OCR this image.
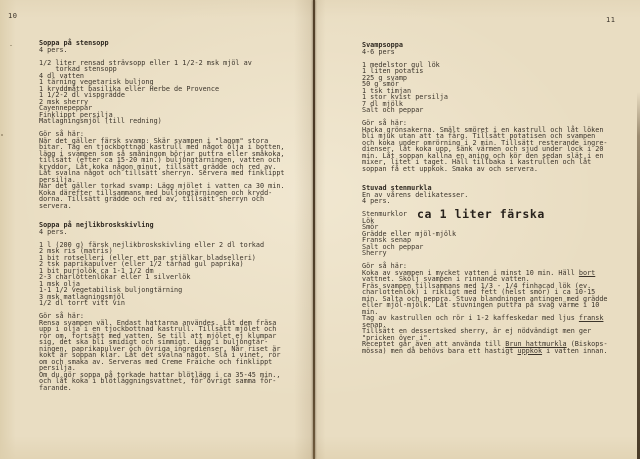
10	11
Soppa på stensopp
4 pers.

1/2 liter rensad strävsopp eller 1 1/2-2 msk mjöl av
torkad stensopp
4 dl vatten
1 tärning vegetarisk buljong
1 kryddmått basilika eller Herbe de Provence
1 1/2-2 dl vispgrädde
2 msk sherry
Cayennepeppar
Finklippt persilja
Matlagningsmjöl (till redning)

Gör så här:
När det gäller färsk svamp: Skär svampen i "lagom" stora
bitar. Tag en tjockbottnad kastrull med något olja i botten,
lägg i svampen som så småningom börjar puttra eller småkoka,
tillsätt (efter ca 15-20 min.) buljongtärningen, vatten och
kryddor. Låt koka någon minut, tillsätt grädde och red av.
Låt svalna något och tillsätt sherryn. Servera med finklippt
persilja.
När det gäller torkad svamp: Lägg mjölet i vatten ca 30 min.
Koka därefter tillsammans med buljongtärningen och krydd-
dorna. Tillsätt grädde och red av, tillsätt sherryn och
servera.

Soppa på nejlikbroskskivling
4 pers.

1 l (200 g) färsk nejlikbroskskivling eller 2 dl torkad
2 msk ris (matris)
1 bit rotselleri (eller ett par stjälkar bladselleri)
2 tsk paprikapulver (eller 1/2 tärnad gul paprika)
1 bit purjolök ca 1-1 1/2 dm
2-3 charlottenlökar eller 1 silverlök
1 msk olja
1-1 1/2 vegetabilisk buljongtärning
3 msk matlagningsmjöl
1/2 dl torrt vitt vin

Gör så här:
Rensa svampen väl. Endast hattarna användes. Låt dem fräsa
upp i olja i en tjockbottnad kastrull. Tillsätt mjölet och
rör om, fortsätt med vatten. Se till att mjölet ej klumpar
sig, det ska bli smidigt och simmigt. Lägg i buljongtär-
ningen, paprikapulver och övriga ingredienser. När riset är
kokt är soppan klar. Låt det svalna något. Slå i vinet, rör
om och smaka av. Serveras med Creme Fraiche och finklippt
persilja.
Om du gör soppa på torkade hattar blötlägg i ca 35-45 min.,
och låt koka i blötläggningsvattnet, för övrigt samma för-
farande.
Svampsoppa
4-6 pers

1 medelstor gul lök
1 liten potatis
225 g svamp
50 g smör
1 tsk timjan
1 stor kvist persilja
7 dl mjölk
Salt och peppar

Gör så här:
Hacka grönsakerna. Smält smöret i en kastrull och låt löken
bli mjuk utan att ta färg. Tillsätt potatisen och svampen
och koka under omrörning i 2 min. Tillsätt resterande ingre-
dienser, låt koka upp, sänk värmen och sjud under lock i 20
min. Låt soppan kallna en aning och kör den sedan slät i en
mixer, litet i taget. Häll tillbaka i kastrullen och låt
soppan få ett uppkok. Smaka av och servera.

Stuvad stenmurkla
En av vårens delikatesser.
4 pers.

Stenmurklor
Lök
Smör
Grädde eller mjöl-mjölk
Fransk senap
Salt och peppar
Sherry

Gör så här:
Koka av svampen i mycket vatten i minst 10 min. Häll bort
vattnet. Skölj svampen i rinnande vatten.
Fräs svampen tillsammans med 1/3 - 1/4 finhacad lök (ev.
charlottenlök) i rikligt med fett (helst smör) i ca 10-15
min. Salta och peppra. Stuva blandningen antingen med grädde
eller mjöl-mjölk. Låt stuvningen puttra på svag värme i 10
min.
Tag av kastrullen och rör i 1-2 kaffeskedar med ljus fransk
senap.
Tillsätt en dessertsked sherry, är ej nödvändigt men ger
"pricken över i".
Receptet går även att använda till Brun hattmurkla (Biskops-
mössa) men då behövs bara ett hastigt uppkok i vatten innan.
ca 1 liter färska
